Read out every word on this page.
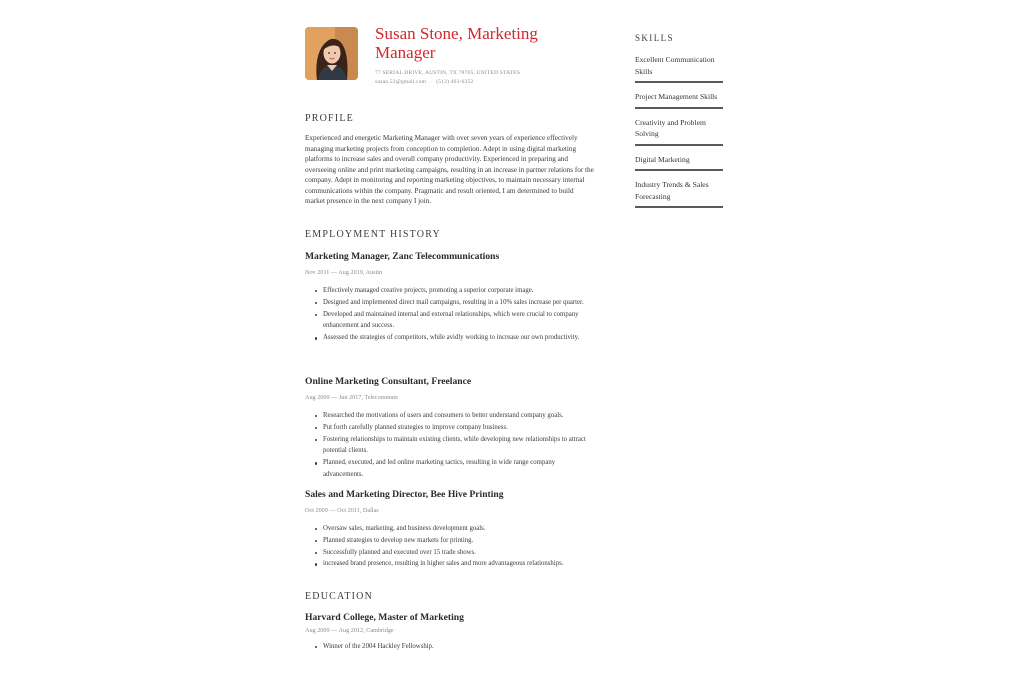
Susan Stone, Marketing Manager
77 SERIAL DRIVE, AUSTIN, TX 78705, UNITED STATES
susan.52@gmail.com · (512) 463-6352
PROFILE
Experienced and energetic Marketing Manager with over seven years of experience effectively managing marketing projects from conception to completion. Adept in using digital marketing platforms to increase sales and overall company productivity. Experienced in preparing and overseeing online and print marketing campaigns, resulting in an increase in partner relations for the company. Adept in monitoring and reporting marketing objectives, to maintain necessary internal communications within the company. Pragmatic and result oriented, I am determined to build market presence in the next company I join.
EMPLOYMENT HISTORY
Marketing Manager, Zanc Telecommunications
Nov 2011 — Aug 2019, Austin
Effectively managed creative projects, promoting a superior corporate image.
Designed and implemented direct mail campaigns, resulting in a 10% sales increase per quarter.
Developed and maintained internal and external relationships, which were crucial to company enhancement and success.
Assessed the strategies of competitors, while avidly working to increase our own productivity.
Online Marketing Consultant, Freelance
Aug 2009 — Jun 2017, Telecommute
Researched the motivations of users and consumers to better understand company goals.
Put forth carefully planned strategies to improve company business.
Fostering relationships to maintain existing clients, while developing new relationships to attract potential clients.
Planned, executed, and led online marketing tactics, resulting in wide range company advancements.
Sales and Marketing Director, Bee Hive Printing
Oct 2009 — Oct 2011, Dallas
Oversaw sales, marketing, and business development goals.
Planned strategies to develop new markets for printing.
Successfully planned and executed over 15 trade shows.
increased brand presence, resulting in higher sales and more advantageous relationships.
EDUCATION
Harvard College, Master of Marketing
Aug 2009 — Aug 2012, Cambridge
Winner of the 2004 Hackley Fellowship.
SKILLS
Excellent Communication Skills
Project Management Skills
Creativity and Problem Solving
Digital Marketing
Industry Trends & Sales Forecasting
